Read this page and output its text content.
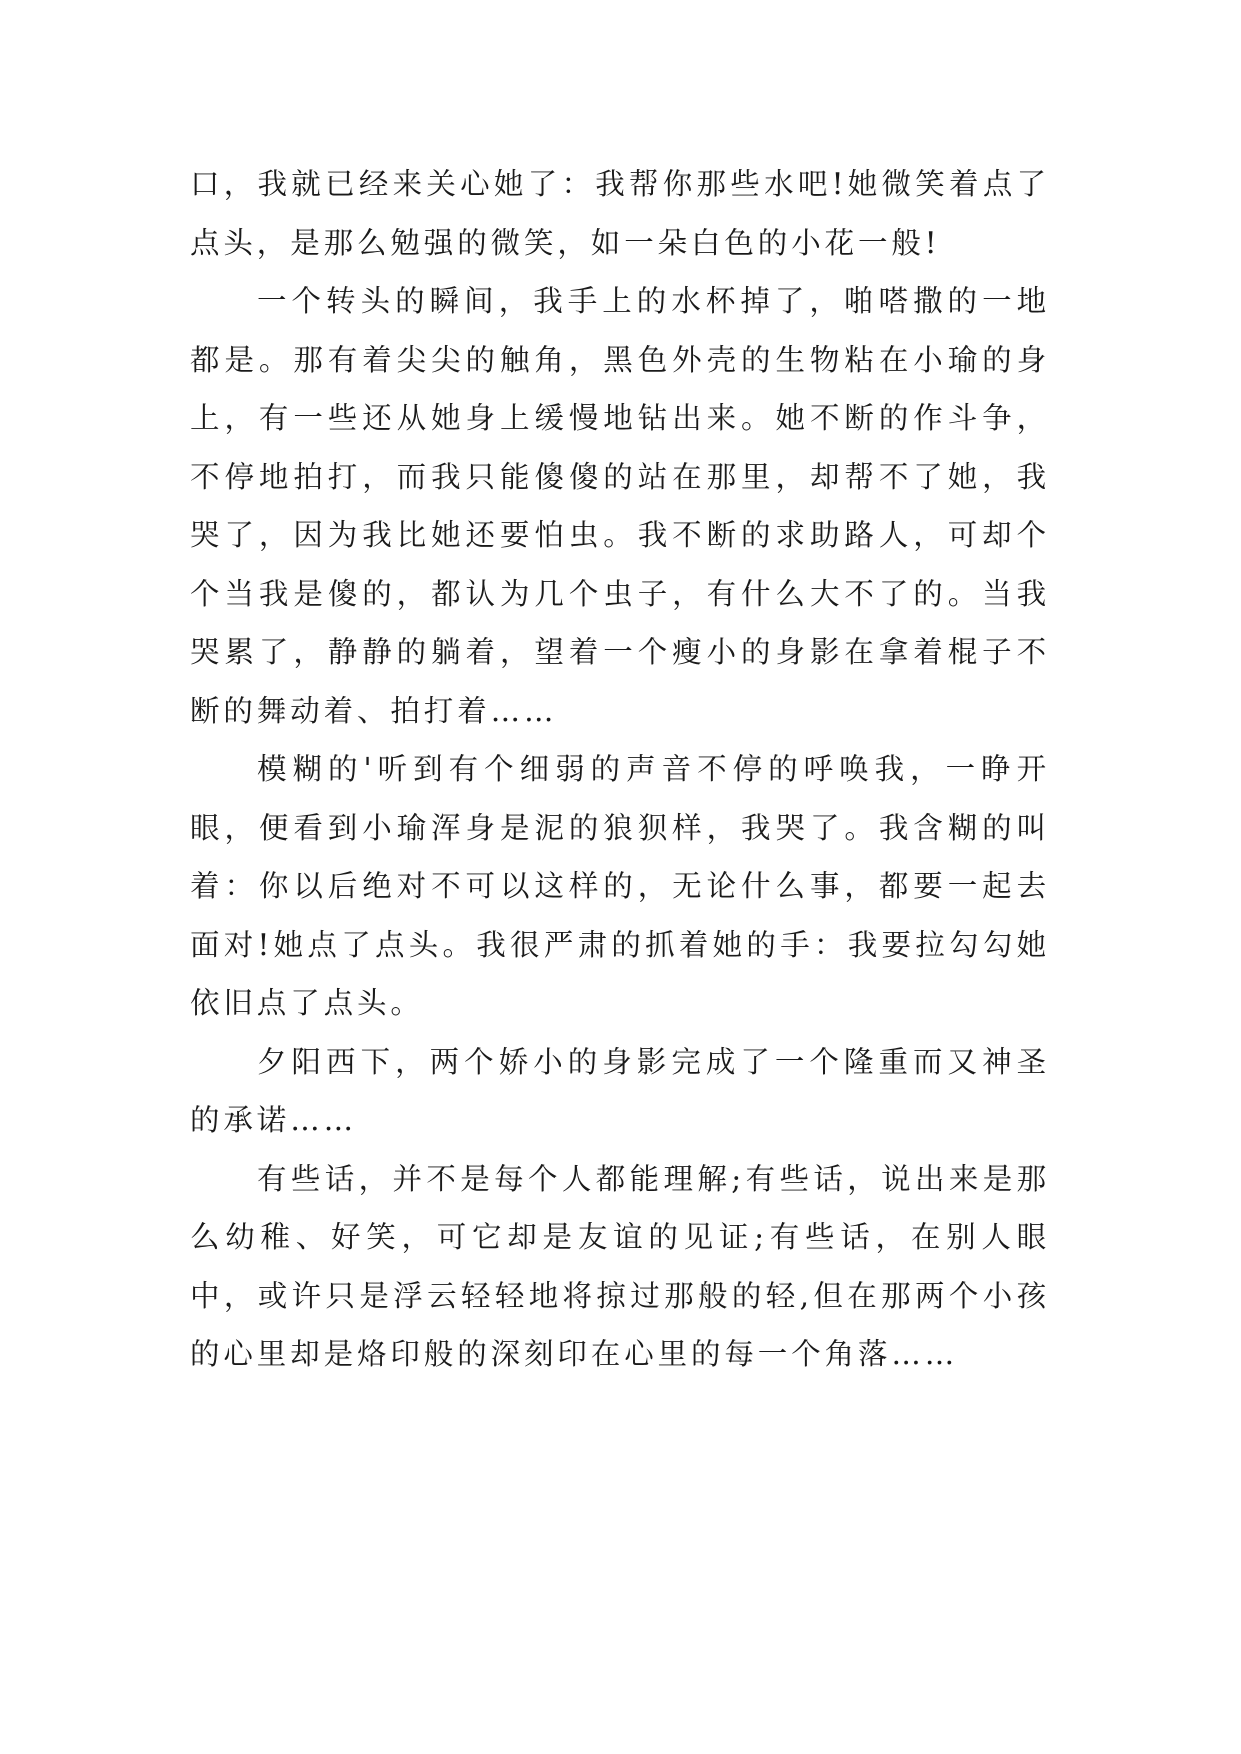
口，我就已经来关心她了：我帮你那些水吧!她微笑着点了点头，是那么勉强的微笑，如一朵白色的小花一般!

一个转头的瞬间，我手上的水杯掉了，啪嗒撒的一地都是。那有着尖尖的触角，黑色外壳的生物粘在小瑜的身上，有一些还从她身上缓慢地钻出来。她不断的作斗争，不停地拍打，而我只能傻傻的站在那里，却帮不了她，我哭了，因为我比她还要怕虫。我不断的求助路人，可却个个当我是傻的，都认为几个虫子，有什么大不了的。当我哭累了，静静的躺着，望着一个瘦小的身影在拿着棍子不断的舞动着、拍打着……

模糊的'听到有个细弱的声音不停的呼唤我，一睁开眼，便看到小瑜浑身是泥的狼狈样，我哭了。我含糊的叫着：你以后绝对不可以这样的，无论什么事，都要一起去面对!她点了点头。我很严肃的抓着她的手：我要拉勾勾她依旧点了点头。

夕阳西下，两个娇小的身影完成了一个隆重而又神圣的承诺……

有些话，并不是每个人都能理解;有些话，说出来是那么幼稚、好笑，可它却是友谊的见证;有些话，在别人眼中，或许只是浮云轻轻地将掠过那般的轻,但在那两个小孩的心里却是烙印般的深刻印在心里的每一个角落……
